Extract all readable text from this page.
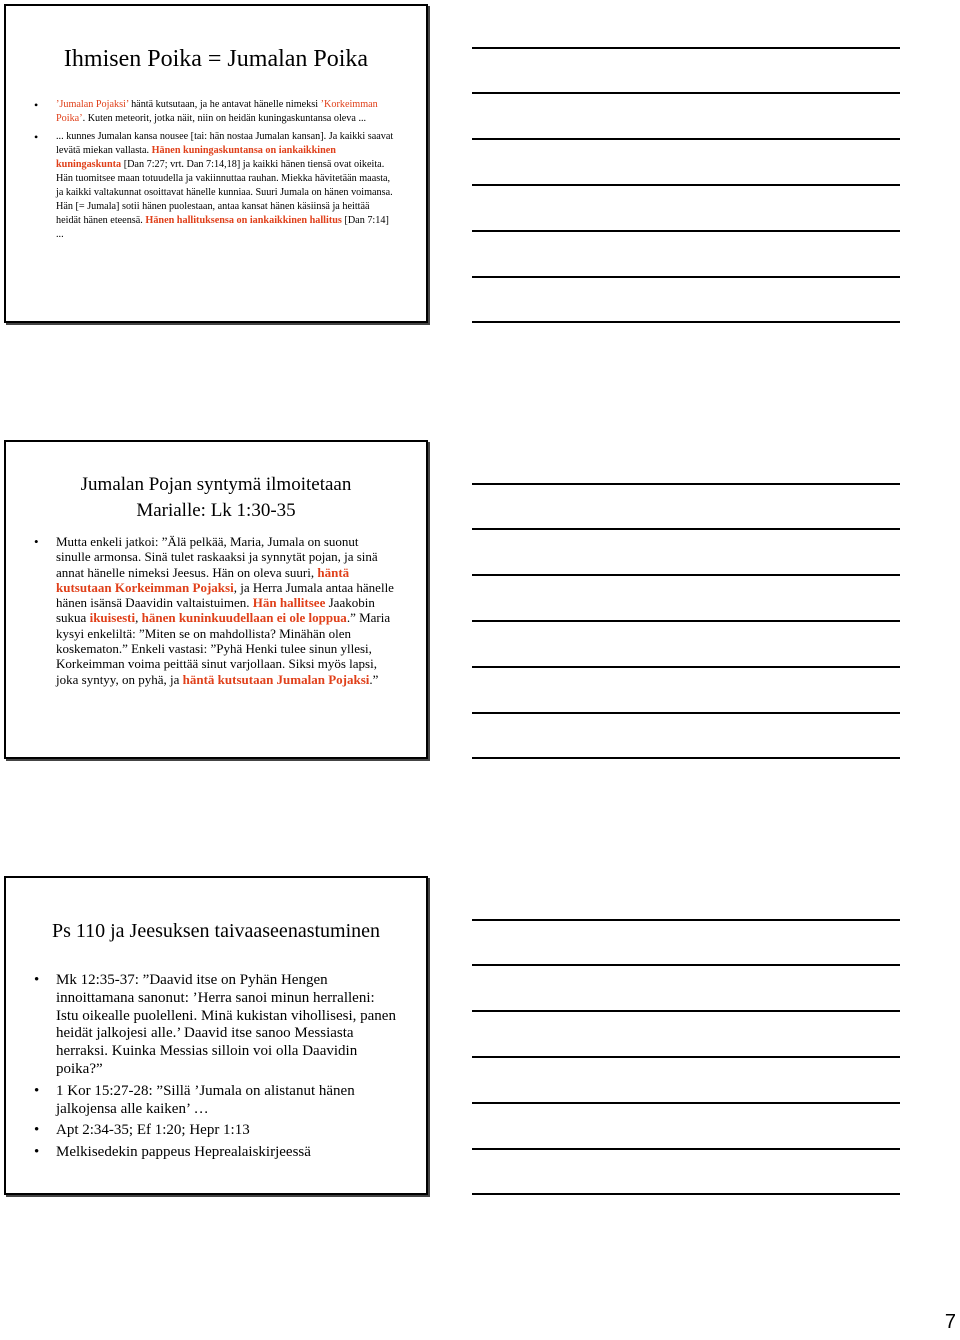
Ihmisen Poika = Jumalan Poika
• ’Jumalan Pojaksi’ häntä kutsutaan, ja he antavat hänelle nimeksi ’Korkeimman Poika’. Kuten meteorit, jotka näit, niin on heidän kuningaskuntansa oleva ...
• ... kunnes Jumalan kansa nousee [tai: hän nostaa Jumalan kansan]. Ja kaikki saavat levätä miekan vallasta. Hänen kuningaskuntansa on iankaikkinen kuningaskunta [Dan 7:27; vrt. Dan 7:14,18] ja kaikki hänen tiensä ovat oikeita. Hän tuomitsee maan totuudella ja vakiinnuttaa rauhan. Miekka hävitetään maasta, ja kaikki valtakunnat osoittavat hänelle kunniaa. Suuri Jumala on hänen voimansa. Hän [= Jumala] sotii hänen puolestaan, antaa kansat hänen käsiinsä ja heittää heidät hänen eteensä. Hänen hallituksensa on iankaikkinen hallitus [Dan 7:14] ...
Jumalan Pojan syntymä ilmoitetaan
Marialle: Lk 1:30-35
• Mutta enkeli jatkoi: ”Älä pelkää, Maria, Jumala on suonut sinulle armonsa. Sinä tulet raskaaksi ja synnytät pojan, ja sinä annat hänelle nimeksi Jeesus. Hän on oleva suuri, häntä kutsutaan Korkeimman Pojaksi, ja Herra Jumala antaa hänelle hänen isänsä Daavidin valtaistuimen. Hän hallitsee Jaakobin sukua ikuisesti, hänen kuninkuudellaan ei ole loppua.” Maria kysyi enkeliltä: ”Miten se on mahdollista? Minähän olen koskematon.” Enkeli vastasi: ”Pyhä Henki tulee sinun yllesi, Korkeimman voima peittää sinut varjollaan. Siksi myös lapsi, joka syntyy, on pyhä, ja häntä kutsutaan Jumalan Pojaksi.”
Ps 110 ja Jeesuksen taivaaseenastuminen
• Mk 12:35-37: ”Daavid itse on Pyhän Hengen innoittamana sanonut: ’Herra sanoi minun herralleni: Istu oikealle puolelleni. Minä kukistan vihollisesi, panen heidät jalkojesi alle.’ Daavid itse sanoo Messiasta herraksi. Kuinka Messias silloin voi olla Daavidin poika?”
• 1 Kor 15:27-28: ”Sillä ’Jumala on alistanut hänen jalkojensa alle kaiken’ …
• Apt 2:34-35; Ef 1:20; Hepr 1:13
• Melkisedekin pappeus Heprealaiskirjeessä
7
